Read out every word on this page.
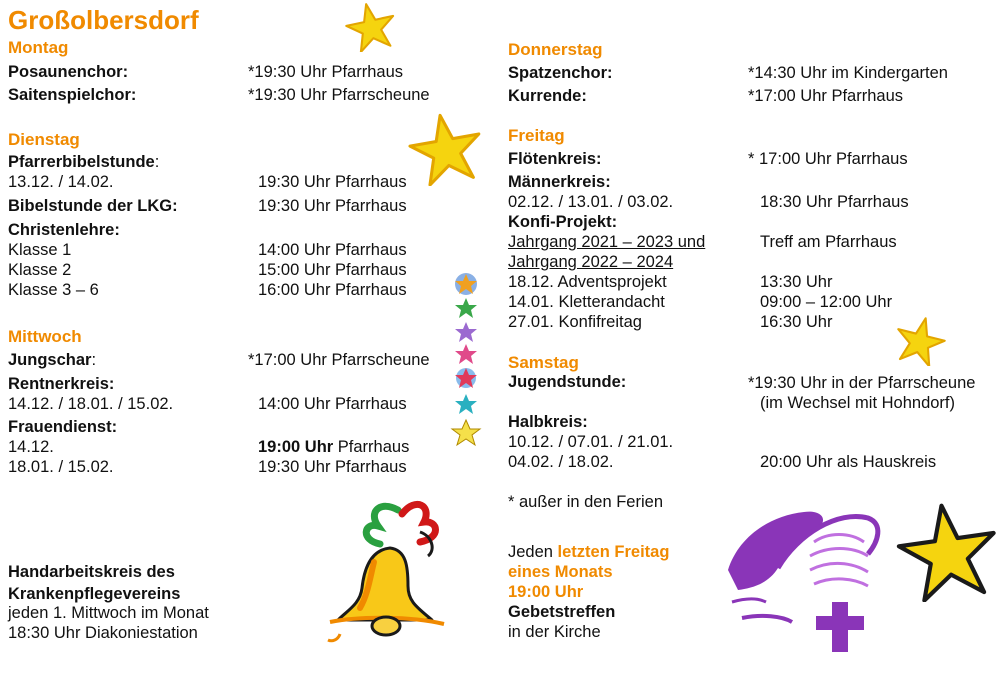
Großolbersdorf
Montag
Posaunenchor:	*19:30 Uhr Pfarrhaus
Saitenspielchor:	*19:30 Uhr Pfarrscheune
Dienstag
Pfarrerbibelstunde:
13.12. / 14.02.	19:30 Uhr Pfarrhaus
Bibelstunde der LKG:	19:30 Uhr Pfarrhaus
Christenlehre:
Klasse 1	14:00 Uhr Pfarrhaus
Klasse 2	15:00 Uhr Pfarrhaus
Klasse 3 – 6	16:00 Uhr Pfarrhaus
Mittwoch
Jungschar:	*17:00 Uhr Pfarrscheune
Rentnerkreis:
14.12. / 18.01. / 15.02.	14:00 Uhr Pfarrhaus
Frauendienst:
14.12.	19:00 Uhr Pfarrhaus
18.01. / 15.02.	19:30 Uhr Pfarrhaus
Handarbeitskreis des
Krankenpflegevereins
jeden 1. Mittwoch im Monat
18:30 Uhr Diakoniestation
Donnerstag
Spatzenchor:	*14:30 Uhr im Kindergarten
Kurrende:	*17:00 Uhr Pfarrhaus
Freitag
Flötenkreis:	* 17:00 Uhr Pfarrhaus
Männerkreis:
02.12. / 13.01. / 03.02.	18:30 Uhr Pfarrhaus
Konfi-Projekt:
Jahrgang 2021 – 2023 und	Treff am Pfarrhaus
Jahrgang 2022 – 2024
18.12. Adventsprojekt	13:30 Uhr
14.01. Kletterandacht	09:00 – 12:00 Uhr
27.01. Konfifreitag	16:30 Uhr
Samstag
Jugendstunde:	*19:30 Uhr in der Pfarrscheune
(im Wechsel mit Hohndorf)
Halbkreis:
10.12. / 07.01. / 21.01.
04.02. / 18.02.	20:00 Uhr als Hauskreis
* außer in den Ferien
Jeden letzten Freitag
eines Monats
19:00 Uhr
Gebetstreffen
in der Kirche
